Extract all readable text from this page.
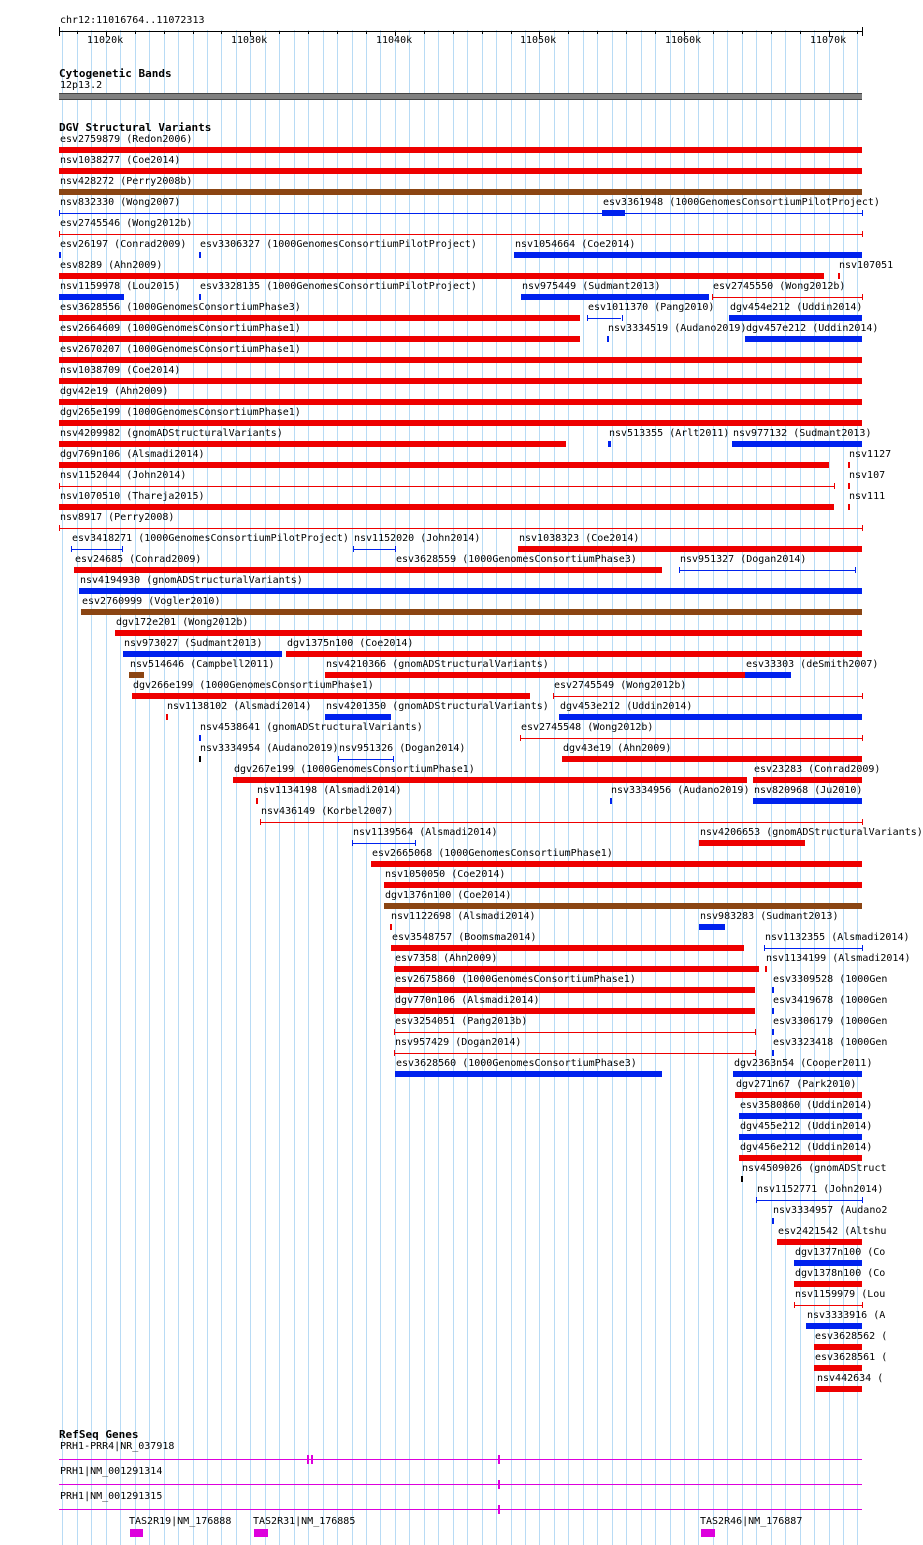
chr12:11016764..11072313
11020k	11030k	11040k	11050k	11060k	11070k
Cytogenetic Bands
12p13.2
DGV Structural Variants
esv2759879 (Redon2006)
nsv1038277 (Coe2014)
nsv428272 (Perry2008b)
nsv832330 (Wong2007)	esv3361948 (1000GenomesConsortiumPilotProject)
esv2745546 (Wong2012b)
esv26197 (Conrad2009) esv3306327 (1000GenomesConsortiumPilotProject)	nsv1054664 (Coe2014)
esv8289 (Ahn2009)	nsv107051
nsv1159978 (Lou2015) esv3328135 (1000GenomesConsortiumPilotProject)	nsv975449 (Sudmant2013)	esv2745550 (Wong2012b)
esv3628556 (1000GenomesConsortiumPhase3)	esv1011370 (Pang2010) dgv454e212 (Uddin2014)
esv2664609 (1000GenomesConsortiumPhase1)	nsv3334519 (Audano2019) dgv457e212 (Uddin2014)
esv2670207 (1000GenomesConsortiumPhase1)
nsv1038709 (Coe2014)
dgv42e19 (Ahn2009)
dgv265e199 (1000GenomesConsortiumPhase1)
nsv4209982 (gnomADStructuralVariants)	nsv513355 (Arlt2011) nsv977132 (Sudmant2013)
dgv769n106 (Alsmadi2014)	nsv1127
nsv1152044 (John2014)	nsv107
nsv1070510 (Thareja2015)	nsv111
nsv8917 (Perry2008)
esv3418271 (1000GenomesConsortiumPilotProject) nsv1152020 (John2014)	nsv1038323 (Coe2014)
esv24685 (Conrad2009)	esv3628559 (1000GenomesConsortiumPhase3)	nsv951327 (Dogan2014)
nsv4194930 (gnomADStructuralVariants)
esv2760999 (Vogler2010)
dgv172e201 (Wong2012b)
nsv973027 (Sudmant2013) dgv1375n100 (Coe2014)
nsv514646 (Campbell2011)	nsv4210366 (gnomADStructuralVariants)	esv33303 (deSmith2007)
dgv266e199 (1000GenomesConsortiumPhase1)	esv2745549 (Wong2012b)
nsv1138102 (Alsmadi2014) nsv4201350 (gnomADStructuralVariants) dgv453e212 (Uddin2014)
nsv4538641 (gnomADStructuralVariants)	esv2745548 (Wong2012b)
nsv3334954 (Audano2019) nsv951326 (Dogan2014)	dgv43e19 (Ahn2009)
dgv267e199 (1000GenomesConsortiumPhase1)	esv23283 (Conrad2009)
nsv1134198 (Alsmadi2014)	nsv3334956 (Audano2019) nsv820968 (Ju2010)
nsv436149 (Korbel2007)
nsv1139564 (Alsmadi2014)	nsv4206653 (gnomADStructuralVariants)
esv2665068 (1000GenomesConsortiumPhase1)
nsv1050050 (Coe2014)
dgv1376n100 (Coe2014)
nsv1122698 (Alsmadi2014)	nsv983283 (Sudmant2013)
esv3548757 (Boomsma2014)	nsv1132355 (Alsmadi2014)
esv7358 (Ahn2009)	nsv1134199 (Alsmadi2014)
esv2675860 (1000GenomesConsortiumPhase1)	esv3309528 (1000Gen
dgv770n106 (Alsmadi2014)	esv3419678 (1000Gen
esv3254051 (Pang2013b)	esv3306179 (1000Gen
nsv957429 (Dogan2014)	esv3323418 (1000Gen
esv3628560 (1000GenomesConsortiumPhase3)	dgv2363n54 (Cooper2011)
dgv271n67 (Park2010)
esv3580860 (Uddin2014)
dgv455e212 (Uddin2014)
dgv456e212 (Uddin2014)
nsv4509026 (gnomADStruct
nsv1152771 (John2014)
nsv3334957 (Audano2
esv2421542 (Altshu
dgv1377n100 (Co
dgv1378n100 (Co
nsv1159979 (Lou
nsv3333916 (A
esv3628562 (
esv3628561 (
nsv442634 (
RefSeq Genes
PRH1-PRR4|NR_037918
PRH1|NM_001291314
PRH1|NM_001291315
TAS2R19|NM_176888 TAS2R31|NM_176885	TAS2R46|NM_176887
